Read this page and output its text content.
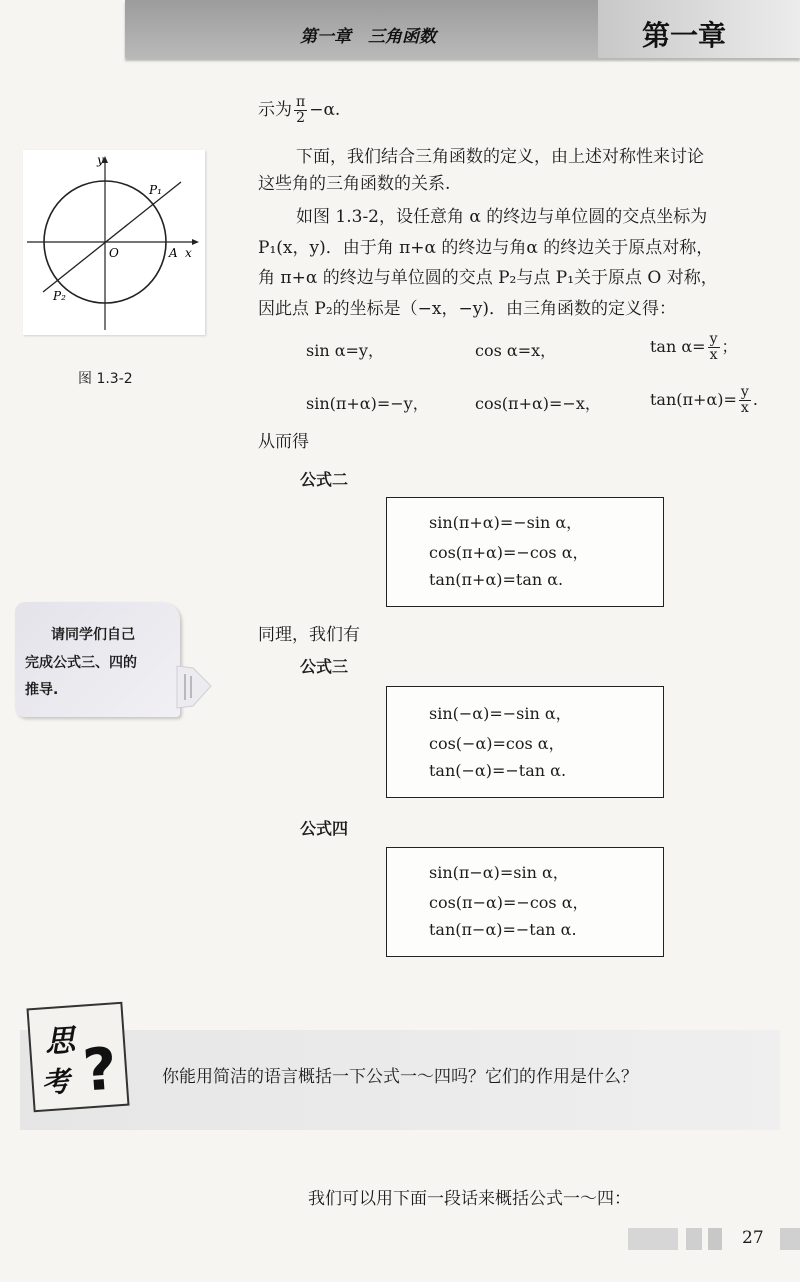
第一章　三角函数	第一章
示为 $\frac{\pi}{2} -\alpha$.
下面，我们结合三角函数的定义，由上述对称性来讨论
这些角的三角函数的关系.
如图 1.3-2，设任意角 α 的终边与单位圆的交点坐标为
P₁(x，y)．由于角 π+α 的终边与角α 的终边关于原点对称，
角 π+α 的终边与单位圆的交点 P₂与点 P₁关于原点 O 对称，
因此点 P₂的坐标是（−x，−y)．由三角函数的定义得：
y
x
O	A
P₁
P₂
图 1.3-2
sin α=y，	cos α=x，	$\tan \alpha= \frac{y}{x}$ ；
sin(π+α)=−y，	cos(π+α)=−x，	$\tan(\pi+\alpha)= \frac{y}{x}$ .
从而得
公式二
sin(π+α)=−sin α，
cos(π+α)=−cos α，
tan(π+α)=tan α.
同理，我们有
公式三
sin(−α)=−sin α，
cos(−α)=cos α，
tan(−α)=−tan α.
公式四
sin(π−α)=sin α，
cos(π−α)=−cos α，
tan(π−α)=−tan α.
请同学们自己
完成公式三、四的
推导.
思
考 ?	你能用简洁的语言概括一下公式一～四吗？它们的作用是什么？
我们可以用下面一段话来概括公式一～四：
27
